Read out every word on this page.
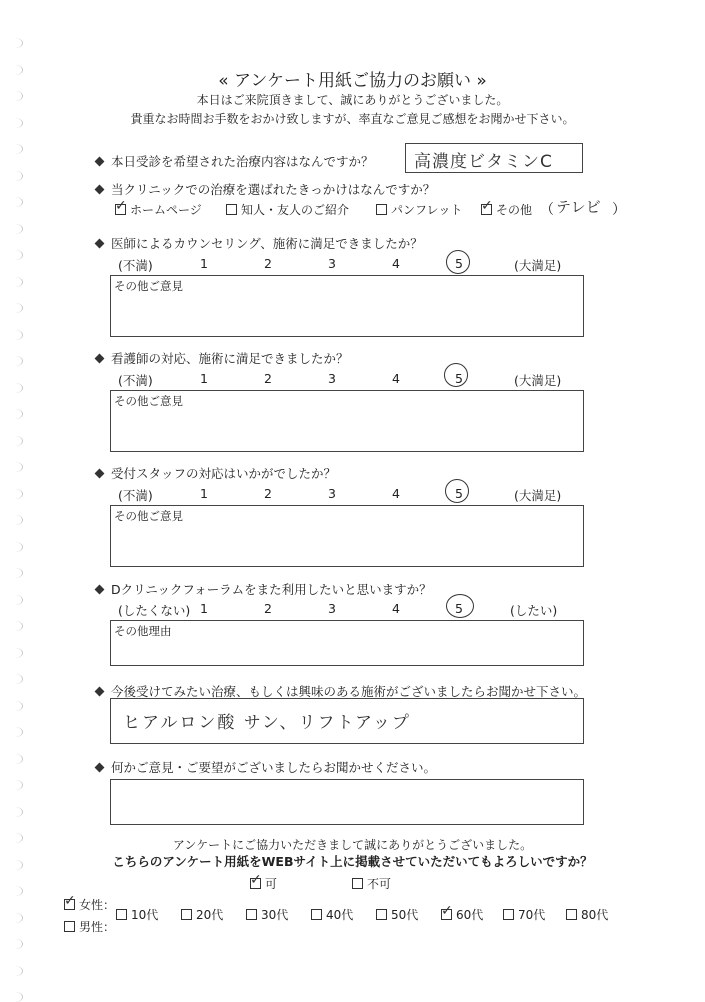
« アンケート用紙ご協力のお願い »
本日はご来院頂きまして、誠にありがとうございました。
貴重なお時間お手数をおかけ致しますが、率直なご意見ご感想をお聞かせ下さい。
本日受診を希望された治療内容はなんですか？ 高濃度ビタミンC
当クリニックでの治療を選ばれたきっかけはなんですか？
✓ ホームページ	知人・友人のご紹介	パンフレット ✓ その他 （ テレビ ）
医師によるカウンセリング、施術に満足できましたか？
(不満)	1	2	3	4	5	(大満足)
その他ご意見
看護師の対応、施術に満足できましたか？
(不満)	1	2	3	4	5	(大満足)
その他ご意見
受付スタッフの対応はいかがでしたか？
(不満)	1	2	3	4	5	(大満足)
その他ご意見
Dクリニックフォーラムをまた利用したいと思いますか？
(したくない) 1	2	3	4	5	(したい)
その他理由
今後受けてみたい治療、もしくは興味のある施術がございましたらお聞かせ下さい。
ヒアルロン酸 サン、リフトアップ
何かご意見・ご要望がございましたらお聞かせください。
アンケートにご協力いただきまして誠にありがとうございました。
こちらのアンケート用紙をWEBサイト上に掲載させていただいてもよろしいですか？
✓ 可	不可
✓ 女性：
男性：
10代	20代	30代	40代	50代 ✓ 60代	70代	80代
